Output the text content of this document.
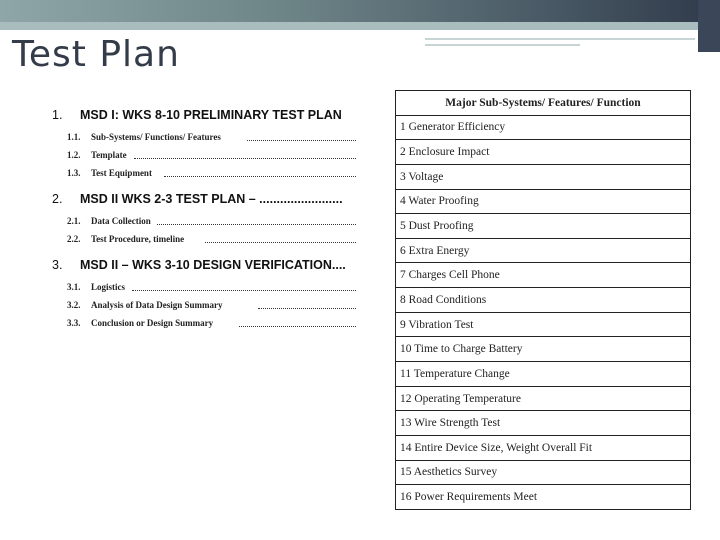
Test Plan
1. MSD I: WKS 8-10 PRELIMINARY TEST PLAN
1.1. Sub-Systems/ Functions/ Features
1.2. Template
1.3. Test Equipment
2. MSD II WKS 2-3 TEST PLAN – ........................
2.1. Data Collection
2.2. Test Procedure, timeline
3. MSD II – WKS 3-10 DESIGN VERIFICATION....
3.1. Logistics
3.2. Analysis of Data Design Summary
3.3. Conclusion or Design Summary
Major Sub-Systems/ Features/ Function
1 Generator Efficiency
2 Enclosure Impact
3 Voltage
4 Water Proofing
5 Dust Proofing
6 Extra Energy
7 Charges Cell Phone
8 Road Conditions
9 Vibration Test
10 Time to Charge Battery
11 Temperature Change
12 Operating Temperature
13 Wire Strength Test
14 Entire Device Size, Weight Overall Fit
15 Aesthetics Survey
16 Power Requirements Meet
